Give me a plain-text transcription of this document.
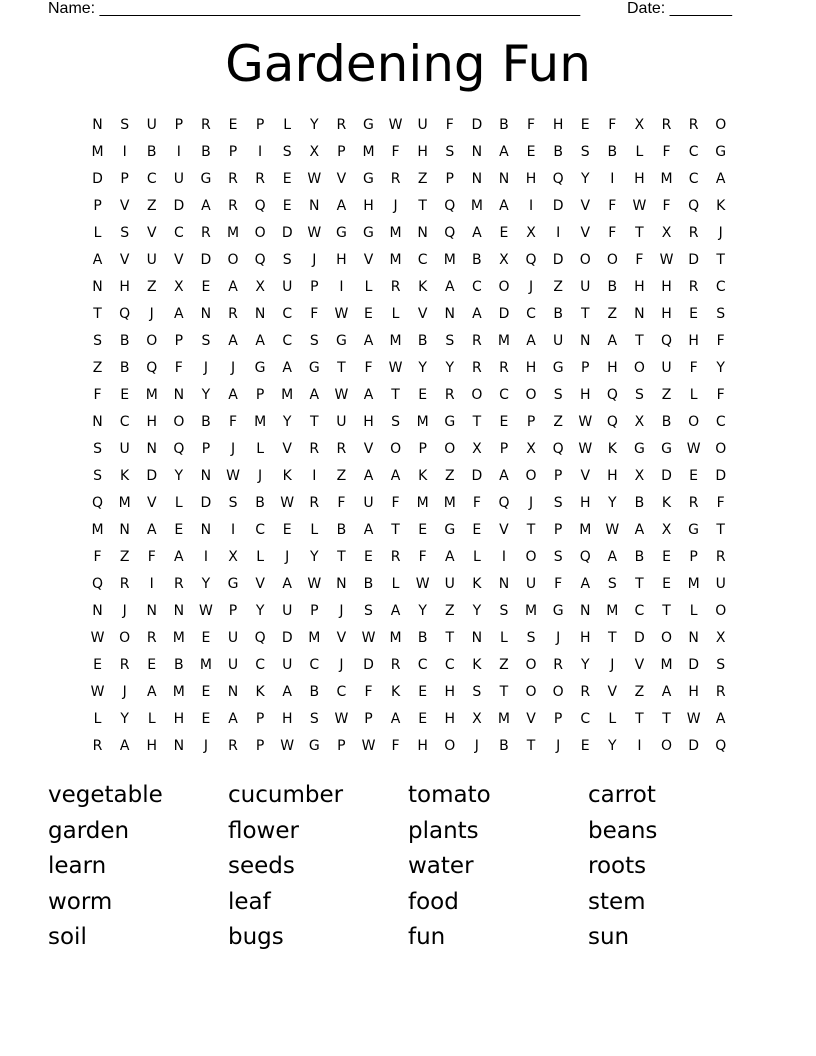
Name: ______________________________________________________	Date: _______
Gardening Fun
N	S	U	P	R	E	P	L	Y	R	G	W	U	F	D	B	F	H	E	F	X	R	R	O
M	I	B	I	B	P	I	S	X	P	M	F	H	S	N	A	E	B	S	B	L	F	C	G
D	P	C	U	G	R	R	E	W	V	G	R	Z	P	N	N	H	Q	Y	I	H	M	C	A
P	V	Z	D	A	R	Q	E	N	A	H	J	T	Q	M	A	I	D	V	F	W	F	Q	K
L	S	V	C	R	M	O	D	W	G	G	M	N	Q	A	E	X	I	V	F	T	X	R	J
A	V	U	V	D	O	Q	S	J	H	V	M	C	M	B	X	Q	D	O	O	F	W	D	T
N	H	Z	X	E	A	X	U	P	I	L	R	K	A	C	O	J	Z	U	B	H	H	R	C
T	Q	J	A	N	R	N	C	F	W	E	L	V	N	A	D	C	B	T	Z	N	H	E	S
S	B	O	P	S	A	A	C	S	G	A	M	B	S	R	M	A	U	N	A	T	Q	H	F
Z	B	Q	F	J	J	G	A	G	T	F	W	Y	Y	R	R	H	G	P	H	O	U	F	Y
F	E	M	N	Y	A	P	M	A	W	A	T	E	R	O	C	O	S	H	Q	S	Z	L	F
N	C	H	O	B	F	M	Y	T	U	H	S	M	G	T	E	P	Z	W	Q	X	B	O	C
S	U	N	Q	P	J	L	V	R	R	V	O	P	O	X	P	X	Q	W	K	G	G	W	O
S	K	D	Y	N	W	J	K	I	Z	A	A	K	Z	D	A	O	P	V	H	X	D	E	D
Q	M	V	L	D	S	B	W	R	F	U	F	M	M	F	Q	J	S	H	Y	B	K	R	F
M	N	A	E	N	I	C	E	L	B	A	T	E	G	E	V	T	P	M	W	A	X	G	T
F	Z	F	A	I	X	L	J	Y	T	E	R	F	A	L	I	O	S	Q	A	B	E	P	R
Q	R	I	R	Y	G	V	A	W	N	B	L	W	U	K	N	U	F	A	S	T	E	M	U
N	J	N	N	W	P	Y	U	P	J	S	A	Y	Z	Y	S	M	G	N	M	C	T	L	O
W	O	R	M	E	U	Q	D	M	V	W	M	B	T	N	L	S	J	H	T	D	O	N	X
E	R	E	B	M	U	C	U	C	J	D	R	C	C	K	Z	O	R	Y	J	V	M	D	S
W	J	A	M	E	N	K	A	B	C	F	K	E	H	S	T	O	O	R	V	Z	A	H	R
L	Y	L	H	E	A	P	H	S	W	P	A	E	H	X	M	V	P	C	L	T	T	W	A
R	A	H	N	J	R	P	W	G	P	W	F	H	O	J	B	T	J	E	Y	I	O	D	Q
vegetable	cucumber	tomato	carrot
garden	flower	plants	beans
learn	seeds	water	roots
worm	leaf	food	stem
soil	bugs	fun	sun
